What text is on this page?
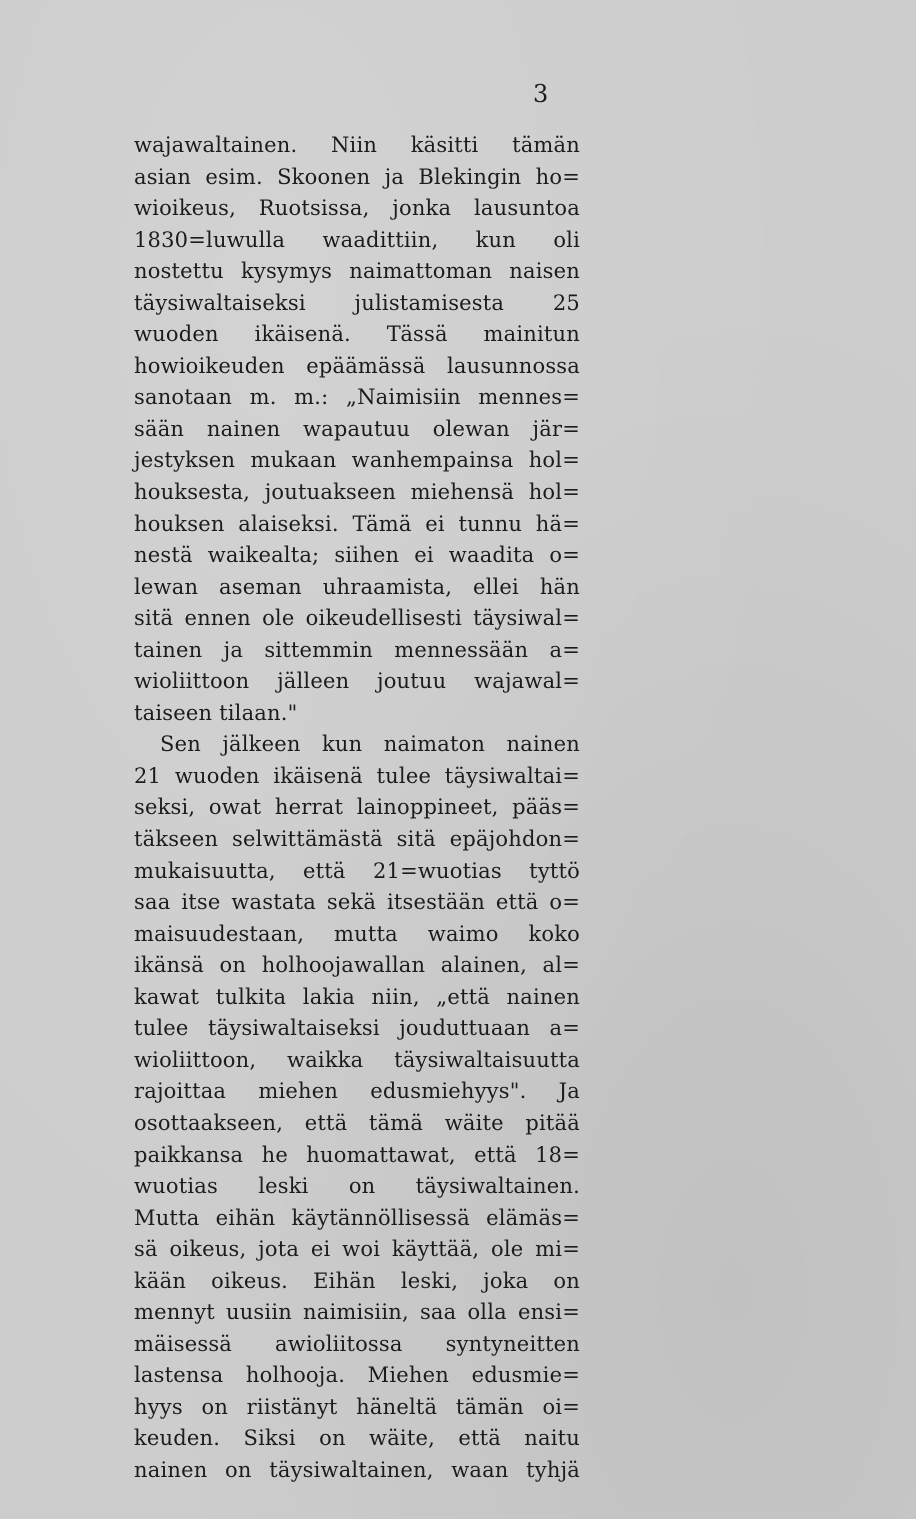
3
wajawaltainen. Niin käsitti tämän
asian esim. Skoonen ja Blekingin ho=
wioikeus, Ruotsissa, jonka lausuntoa
1830=luwulla waadittiin, kun oli
nostettu kysymys naimattoman naisen
täysiwaltaiseksi julistamisesta 25
wuoden ikäisenä. Tässä mainitun
howioikeuden epäämässä lausunnossa
sanotaan m. m.: „Naimisiin mennes=
sään nainen wapautuu olewan jär=
jestyksen mukaan wanhempainsa hol=
houksesta, joutuakseen miehensä hol=
houksen alaiseksi. Tämä ei tunnu hä=
nestä waikealta; siihen ei waadita o=
lewan aseman uhraamista, ellei hän
sitä ennen ole oikeudellisesti täysiwal=
tainen ja sittemmin mennessään a=
wioliittoon jälleen joutuu wajawal=
taiseen tilaan."
Sen jälkeen kun naimaton nainen
21 wuoden ikäisenä tulee täysiwaltai=
seksi, owat herrat lainoppineet, pääs=
täkseen selwittämästä sitä epäjohdon=
mukaisuutta, että 21=wuotias tyttö
saa itse wastata sekä itsestään että o=
maisuudestaan, mutta waimo koko
ikänsä on holhoojawallan alainen, al=
kawat tulkita lakia niin, „että nainen
tulee täysiwaltaiseksi jouduttuaan a=
wioliittoon, waikka täysiwaltaisuutta
rajoittaa miehen edusmiehyys". Ja
osottaakseen, että tämä wäite pitää
paikkansa he huomattawat, että 18=
wuotias leski on täysiwaltainen.
Mutta eihän käytännöllisessä elämäs=
sä oikeus, jota ei woi käyttää, ole mi=
kään oikeus. Eihän leski, joka on
mennyt uusiin naimisiin, saa olla ensi=
mäisessä awioliitossa syntyneitten
lastensa holhooja. Miehen edusmie=
hyys on riistänyt häneltä tämän oi=
keuden. Siksi on wäite, että naitu
nainen on täysiwaltainen, waan tyhjä
